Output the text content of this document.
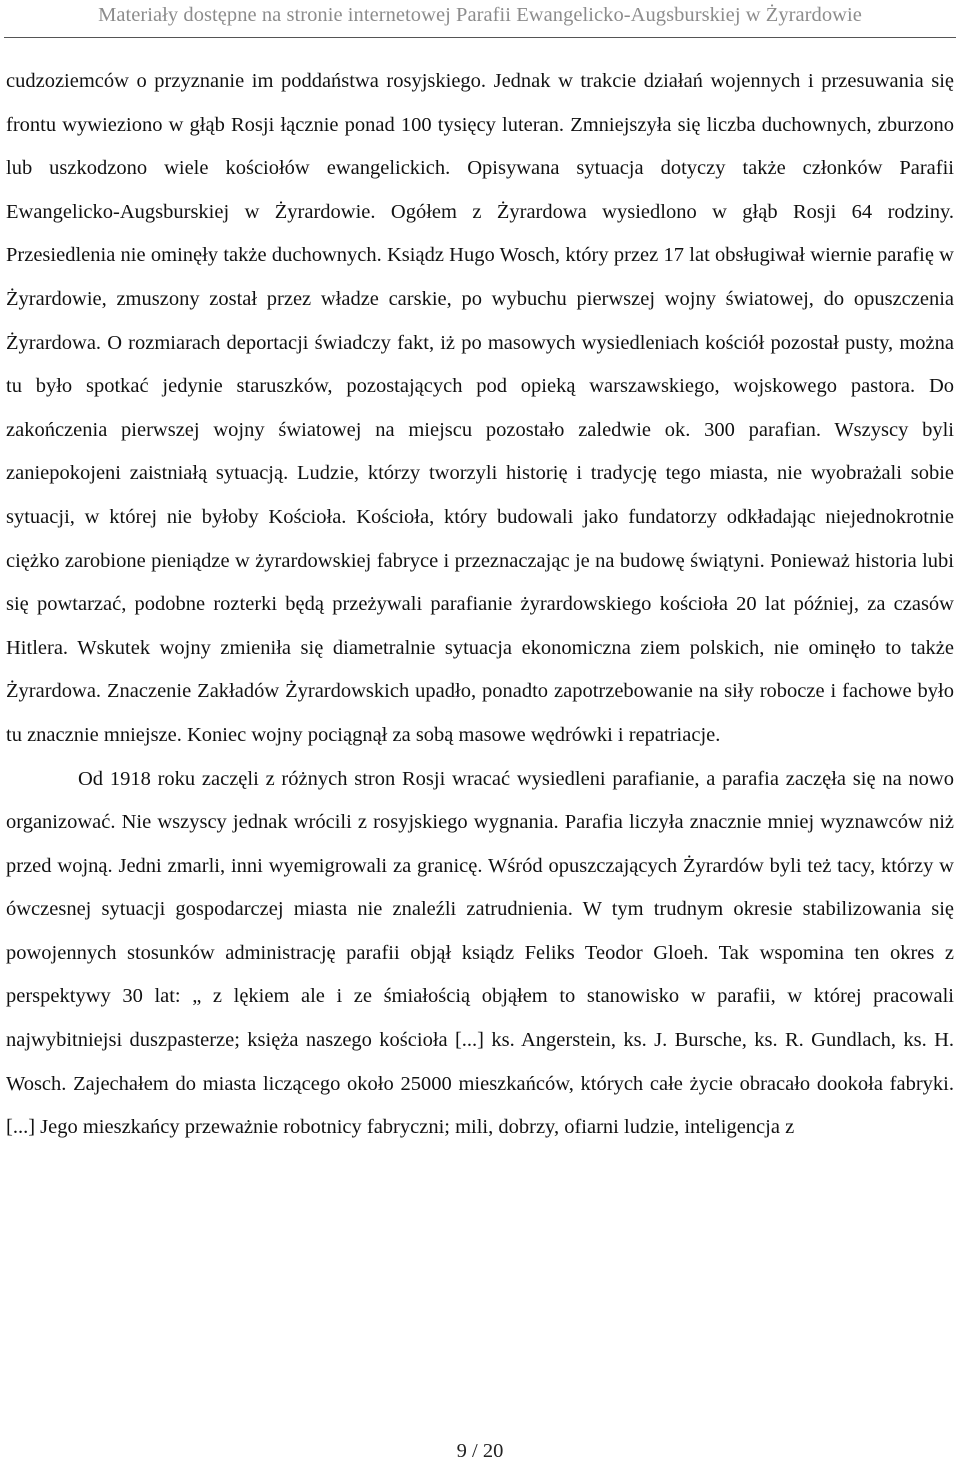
Materiały dostępne na stronie internetowej Parafii Ewangelicko-Augsburskiej w Żyrardowie

cudzoziemców o przyznanie im poddaństwa rosyjskiego. Jednak w trakcie działań wojennych i przesuwania się frontu wywieziono w głąb Rosji łącznie ponad 100 tysięcy luteran. Zmniejszyła się liczba duchownych, zburzono lub uszkodzono wiele kościołów ewangelickich. Opisywana sytuacja dotyczy także członków Parafii Ewangelicko-Augsburskiej w Żyrardowie. Ogółem z Żyrardowa wysiedlono w głąb Rosji 64 rodziny. Przesiedlenia nie ominęły także duchownych. Ksiądz Hugo Wosch, który przez 17 lat obsługiwał wiernie parafię w Żyrardowie, zmuszony został przez władze carskie, po wybuchu pierwszej wojny światowej, do opuszczenia Żyrardowa. O rozmiarach deportacji świadczy fakt, iż po masowych wysiedleniach kościół pozostał pusty, można tu było spotkać jedynie staruszków, pozostających pod opieką warszawskiego, wojskowego pastora. Do zakończenia pierwszej wojny światowej na miejscu pozostało zaledwie ok. 300 parafian. Wszyscy byli zaniepokojeni zaistniałą sytuacją. Ludzie, którzy tworzyli historię i tradycję tego miasta, nie wyobrażali sobie sytuacji, w której nie byłoby Kościoła. Kościoła, który budowali jako fundatorzy odkładając niejednokrotnie ciężko zarobione pieniądze w żyrardowskiej fabryce i przeznaczając je na budowę świątyni. Ponieważ historia lubi się powtarzać, podobne rozterki będą przeżywali parafianie żyrardowskiego kościoła 20 lat później, za czasów Hitlera. Wskutek wojny zmieniła się diametralnie sytuacja ekonomiczna ziem polskich, nie ominęło to także Żyrardowa. Znaczenie Zakładów Żyrardowskich upadło, ponadto zapotrzebowanie na siły robocze i fachowe było tu znacznie mniejsze. Koniec wojny pociągnął za sobą masowe wędrówki i repatriacje.

Od 1918 roku zaczęli z różnych stron Rosji wracać wysiedleni parafianie, a parafia zaczęła się na nowo organizować. Nie wszyscy jednak wrócili z rosyjskiego wygnania. Parafia liczyła znacznie mniej wyznawców niż przed wojną. Jedni zmarli, inni wyemigrowali za granicę. Wśród opuszczających Żyrardów byli też tacy, którzy w ówczesnej sytuacji gospodarczej miasta nie znaleźli zatrudnienia. W tym trudnym okresie stabilizowania się powojennych stosunków administrację parafii objął ksiądz Feliks Teodor Gloeh. Tak wspomina ten okres z perspektywy 30 lat: „ z lękiem ale i ze śmiałością objąłem to stanowisko w parafii, w której pracowali najwybitniejsi duszpasterze; księża naszego kościoła [...] ks. Angerstein, ks. J. Bursche, ks. R. Gundlach, ks. H. Wosch. Zajechałem do miasta liczącego około 25000 mieszkańców, których całe życie obracało dookoła fabryki. [...] Jego mieszkańcy przeważnie robotnicy fabryczni; mili, dobrzy, ofiarni ludzie, inteligencja z

9 / 20
